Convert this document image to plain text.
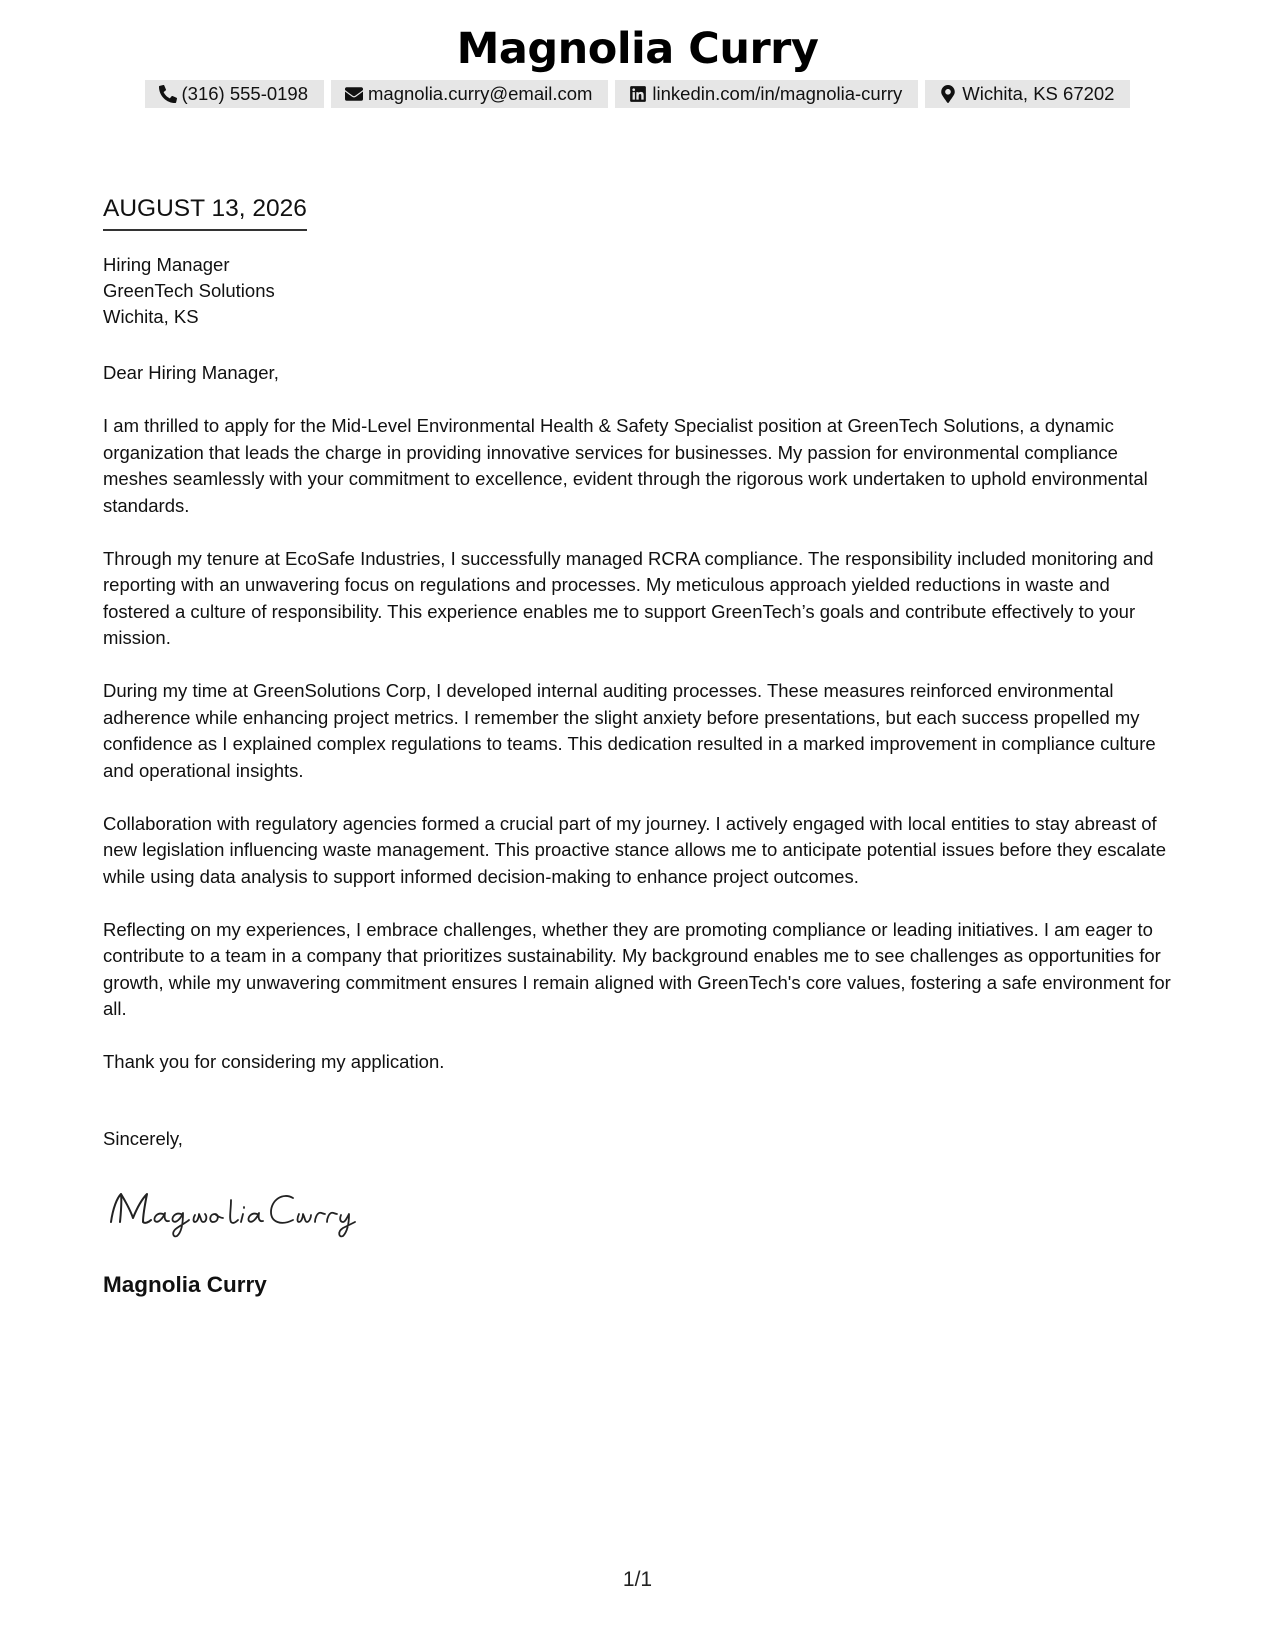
Magnolia Curry
(316) 555-0198	magnolia.curry@email.com	linkedin.com/in/magnolia-curry	Wichita, KS 67202
AUGUST 13, 2026
Hiring Manager
GreenTech Solutions
Wichita, KS

Dear Hiring Manager,

I am thrilled to apply for the Mid-Level Environmental Health & Safety Specialist position at GreenTech Solutions, a dynamic organization that leads the charge in providing innovative services for businesses. My passion for environmental compliance meshes seamlessly with your commitment to excellence, evident through the rigorous work undertaken to uphold environmental standards.

Through my tenure at EcoSafe Industries, I successfully managed RCRA compliance. The responsibility included monitoring and reporting with an unwavering focus on regulations and processes. My meticulous approach yielded reductions in waste and fostered a culture of responsibility. This experience enables me to support GreenTech’s goals and contribute effectively to your mission.

During my time at GreenSolutions Corp, I developed internal auditing processes. These measures reinforced environmental adherence while enhancing project metrics. I remember the slight anxiety before presentations, but each success propelled my confidence as I explained complex regulations to teams. This dedication resulted in a marked improvement in compliance culture and operational insights.

Collaboration with regulatory agencies formed a crucial part of my journey. I actively engaged with local entities to stay abreast of new legislation influencing waste management. This proactive stance allows me to anticipate potential issues before they escalate while using data analysis to support informed decision-making to enhance project outcomes.

Reflecting on my experiences, I embrace challenges, whether they are promoting compliance or leading initiatives. I am eager to contribute to a team in a company that prioritizes sustainability. My background enables me to see challenges as opportunities for growth, while my unwavering commitment ensures I remain aligned with GreenTech's core values, fostering a safe environment for all.

Thank you for considering my application.

Sincerely,
Magnolia Curry
1/1
